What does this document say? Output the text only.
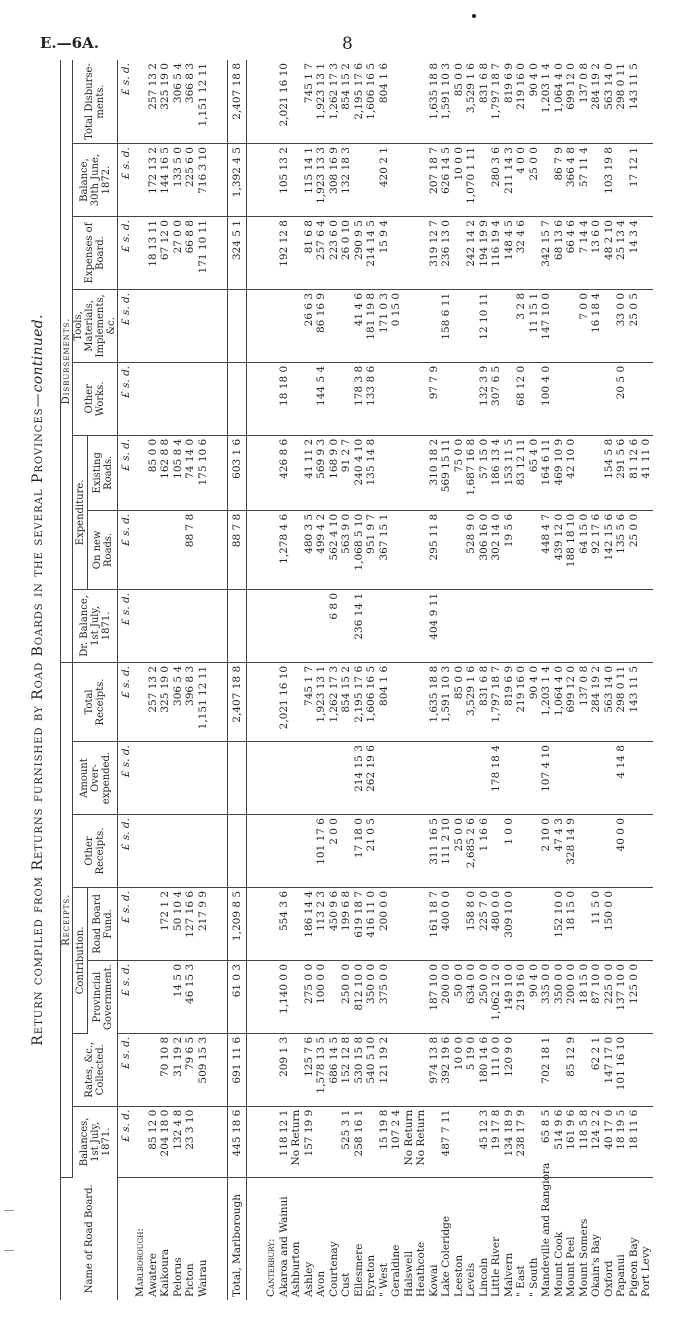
E.—6A.	8
Return compiled from Returns furnished by Road Boards in the several Provinces—continued.
Name of Road Board.	Receipts.							Disbursements.							
	Balances, 1st July, 1871.	Rates, &c., Collected.	Contribution.		Other Receipts.	Amount Over-expended.	Total Receipts.	Dr. Balance, 1st July, 1871.	Expenditure.		Other Works.	Tools, Materials, Implements, &c.	Expenses of Board.	Balance, 30th June, 1872.	Total Disburse-ments.
			Provincial Government.	Road Board Fund.					On new Roads.	Existing Roads.					
	£ s. d.	£ s. d.	£ s. d.	£ s. d.	£ s. d.	£ s. d.	£ s. d.	£ s. d.	£ s. d.	£ s. d.	£ s. d.	£ s. d.	£ s. d.	£ s. d.	£ s. d.
Marlborough:															
Awatere	85 12 0						257 13 2			85 0 0			18 13 11	172 13 2	257 13 2
Kaikoura	204 18 0	70 10 8		172 1 2			325 19 0			162 8 8			67 12 0	144 16 5	325 19 0
Pelorus	132 4 8	31 19 2	14 5 0	50 10 4			306 5 4			105 8 4			27 0 0	133 5 0	306 5 4
Picton	23 3 10	79 6 5	46 15 3	127 16 6			396 8 3		88 7 8	74 14 0			66 8 8	225 6 0	366 8 3
Wairau		509 15 3		217 9 9			1,151 12 11			175 10 6			171 10 11	716 3 10	1,151 12 11

Total, Marlborough	445 18 6	691 11 6	61 0 3	1,209 8 5			2,407 18 8		88 7 8	603 1 6			324 5 1	1,392 4 5	2,407 18 8

Canterbury:															
Akaroa and Wainui	118 12 1	209 1 3	1,140 0 0	554 3 6			2,021 16 10		1,278 4 6	426 8 6	18 18 0		192 12 8	105 13 2	2,021 16 10
Ashburton	No Return														
Ashley	157 19 9	125 7 6	275 0 0	186 14 4			745 1 7		480 3 5	41 11 2		26 6 3	81 6 8	115 14 1	745 1 7
Avon		1,578 13 5	100 0 0	113 2 3	101 17 6		1,923 13 1		499 4 2	569 9 3	144 5 4	86 16 9	257 6 4	1,923 13 3	1,923 13 1
Courtenay		686 14 5		450 9 6	2 0 0		1,262 17 3	6 8 0	562 4 10	168 9 0			223 6 0	308 16 9	1,262 17 3
Cust	525 3 1	152 12 8	250 0 0	199 6 8			854 15 2		563 9 0	91 2 7			26 0 10	132 18 3	854 15 2
Ellesmere	258 16 1	530 15 8	812 10 0	619 18 7	17 18 0	214 15 3	2,195 17 6	236 14 1	1,068 5 10	240 4 10	178 3 8	41 4 6	290 9 5		2,195 17 6
Eyreton		540 5 10	350 0 0	416 11 0	21 0 5	262 19 6	1,606 16 5		951 9 7	135 14 8	133 8 6	181 19 8	214 14 5		1,606 16 5
" West	15 19 8	121 19 2	375 0 0	200 0 0			804 1 6		367 15 1			171 0 3	15 9 4	420 2 1	804 1 6
Geraldine	107 2 4											0 15 0			
Halswell	No Return														
Heathcote	No Return														
Kowai		974 13 8	187 10 0	161 18 7	311 16 5		1,635 18 8	404 9 11	295 11 8	310 18 2	97 7 9		319 12 7	207 18 7	1,635 18 8
Lake Coleridge	487 7 11	392 19 6	200 0 0	400 0 0	111 2 10		1,591 10 3			569 15 11		158 6 11	236 13 0	626 14 5	1,591 10 3
Leeston		10 0 0	50 0 0		25 0 0		85 0 0			75 0 0				10 0 0	85 0 0
Levels		5 19 0	634 0 0	158 8 0	2,685 2 6		3,529 1 6		528 9 0	1,687 16 8			242 14 2	1,070 1 11	3,529 1 6
Lincoln	45 12 3	180 14 6	250 0 0	225 7 0	1 16 6		831 6 8		306 16 0	57 15 0	132 3 9	12 10 11	194 19 9		831 6 8
Little River	19 17 8	111 0 0	1,062 12 0	480 0 0		178 18 4	1,797 18 7		302 14 0	186 13 4	307 6 5		116 19 4	280 3 6	1,797 18 7
Malvern	134 18 9	120 9 0	149 10 0	309 10 0	1 0 0		819 6 9		19 5 6	153 11 5			148 4 5	211 14 3	819 6 9
" East	238 17 9		219 16 0				219 16 0			83 12 11	68 12 0	3 2 8	32 4 6	4 0 0	219 16 0
" South			90 4 0				90 4 0			65 4 0		11 15 1		25 0 0	90 4 0
Mandeville and Rangiora	65 8 5	702 18 1	335 0 0		2 10 0	107 4 10	1,203 1 4		448 4 7	164 6 11	100 4 0	147 10 0	342 15 7		1,203 1 4
Mount Cook	514 9 6		350 0 0	152 10 0	47 4 3		1,064 4 0		439 12 0	469 10 9			68 13 6	86 7 9	1,064 4 0
Mount Peel	161 9 6	85 12 9	200 0 0	18 15 0	328 14 9		699 12 0		188 18 10	42 10 0			66 4 6	366 4 8	699 12 0
Mount Somers	118 5 8		18 15 0				137 0 8		64 15 0			7 0 0	7 14 4	57 11 4	137 0 8
Okain's Bay	124 2 2	62 2 1	87 10 0	11 5 0			284 19 2		92 17 6			16 18 4	13 6 0		284 19 2
Oxford	40 17 0	147 17 0	225 0 0	150 0 0			563 14 0		142 15 6	154 5 8			48 2 10	103 19 8	563 14 0
Papanui	18 19 5	101 16 10	137 10 0		40 0 0	4 14 8	298 0 11		135 5 6	291 5 6	20 5 0	33 0 0	25 13 4		298 0 11
Pigeon Bay	18 11 6		125 0 0				143 11 5		25 0 0	81 12 6		25 0 5	14 3 4	17 12 1	143 11 5
Port Levy										41 11 0					
